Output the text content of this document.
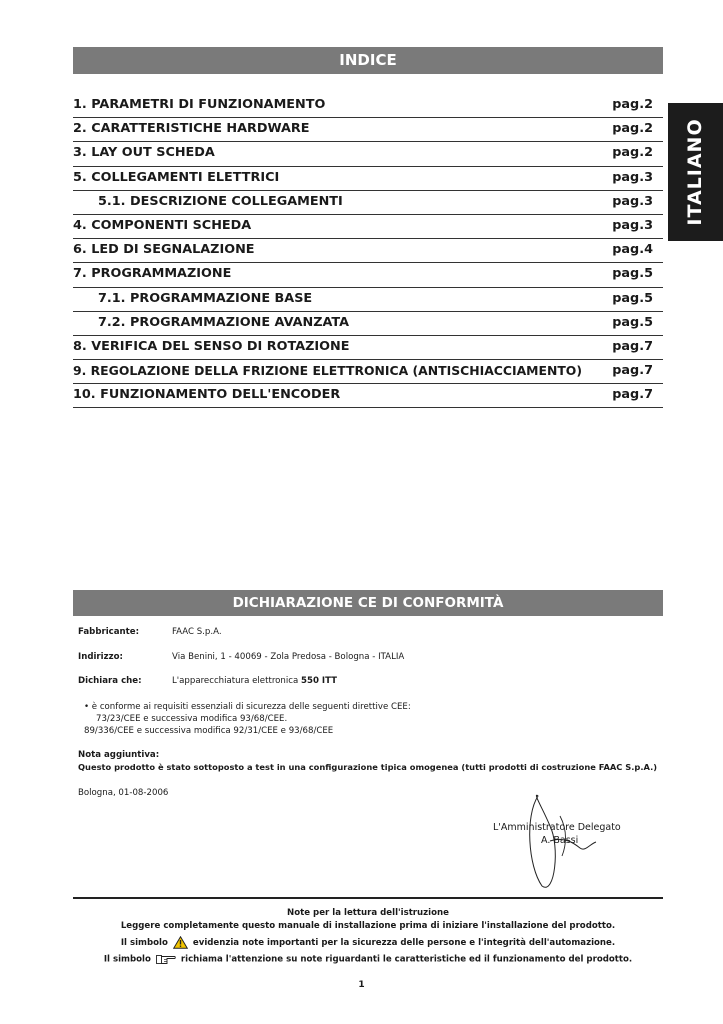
INDICE
ITALIANO
1. PARAMETRI DI FUNZIONAMENTO	pag.2
2. CARATTERISTICHE HARDWARE	pag.2
3. LAY OUT SCHEDA	pag.2
5. COLLEGAMENTI ELETTRICI	pag.3
5.1. DESCRIZIONE COLLEGAMENTI	pag.3
4. COMPONENTI SCHEDA	pag.3
6. LED DI SEGNALAZIONE	pag.4
7. PROGRAMMAZIONE	pag.5
7.1. PROGRAMMAZIONE BASE	pag.5
7.2. PROGRAMMAZIONE AVANZATA	pag.5
8. VERIFICA DEL SENSO DI ROTAZIONE	pag.7
9. REGOLAZIONE DELLA FRIZIONE ELETTRONICA (ANTISCHIACCIAMENTO) pag.7
10. FUNZIONAMENTO DELL'ENCODER	pag.7
DICHIARAZIONE CE DI CONFORMITÀ
Fabbricante:	FAAC S.p.A.
Indirizzo:	Via Benini, 1 - 40069 - Zola Predosa - Bologna - ITALIA
Dichiara che:	L'apparecchiatura elettronica 550 ITT
• è conforme ai requisiti essenziali di sicurezza delle seguenti direttive CEE:
73/23/CEE e successiva modifica 93/68/CEE.
89/336/CEE e successiva modifica 92/31/CEE e 93/68/CEE
Nota aggiuntiva:
Questo prodotto è stato sottoposto a test in una configurazione tipica omogenea (tutti prodotti di costruzione FAAC S.p.A.)
Bologna, 01-08-2006
L'Amministratore Delegato
A. Bassi
Note per la lettura dell'istruzione
Leggere completamente questo manuale di installazione prima di iniziare l'installazione del prodotto.
Il simbolo	evidenzia note importanti per la sicurezza delle persone e l'integrità dell'automazione.
Il simbolo	richiama l'attenzione su note riguardanti le caratteristiche ed il funzionamento del prodotto.
1
